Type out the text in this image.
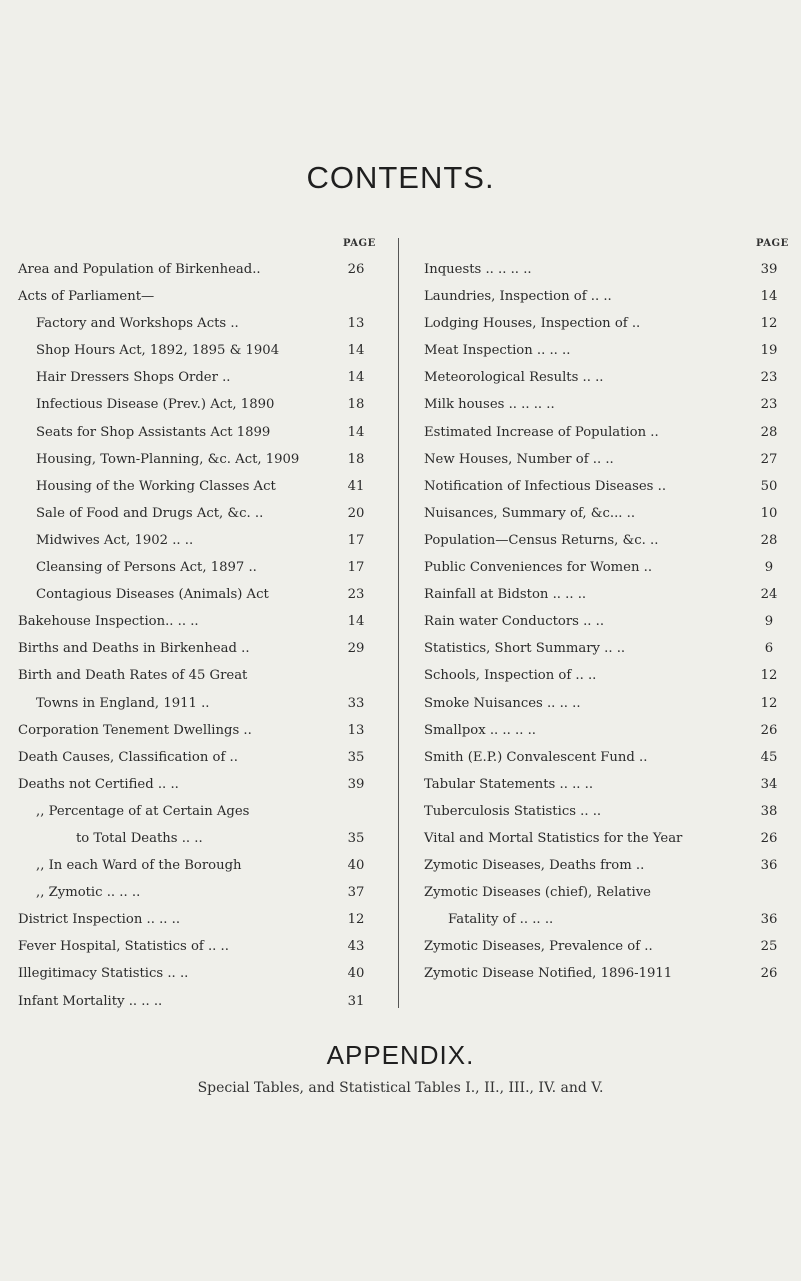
CONTENTS.
PAGE
Area and Population of Birkenhead..	26
Acts of Parliament—
Factory and Workshops Acts ..	13
Shop Hours Act, 1892, 1895 & 1904	14
Hair Dressers Shops Order ..	14
Infectious Disease (Prev.) Act, 1890	18
Seats for Shop Assistants Act 1899	14
Housing, Town-Planning, &c. Act, 1909	18
Housing of the Working Classes Act	41
Sale of Food and Drugs Act, &c. ..	20
Midwives Act, 1902 .. ..	17
Cleansing of Persons Act, 1897 ..	17
Contagious Diseases (Animals) Act	23
Bakehouse Inspection.. .. ..	14
Births and Deaths in Birkenhead ..	29
Birth and Death Rates of 45 Great
Towns in England, 1911 ..	33
Corporation Tenement Dwellings ..	13
Death Causes, Classification of ..	35
Deaths not Certified .. ..	39
,, Percentage of at Certain Ages
to Total Deaths .. ..	35
,, In each Ward of the Borough	40
,, Zymotic .. .. ..	37
District Inspection .. .. ..	12
Fever Hospital, Statistics of .. ..	43
Illegitimacy Statistics .. ..	40
Infant Mortality .. .. ..	31
PAGE
Inquests .. .. .. ..	39
Laundries, Inspection of .. ..	14
Lodging Houses, Inspection of ..	12
Meat Inspection .. .. ..	19
Meteorological Results .. ..	23
Milk houses .. .. .. ..	23
Estimated Increase of Population ..	28
New Houses, Number of .. ..	27
Notification of Infectious Diseases ..	50
Nuisances, Summary of, &c... ..	10
Population—Census Returns, &c. ..	28
Public Conveniences for Women ..	9
Rainfall at Bidston .. .. ..	24
Rain water Conductors .. ..	9
Statistics, Short Summary .. ..	6
Schools, Inspection of .. ..	12
Smoke Nuisances .. .. ..	12
Smallpox .. .. .. ..	26
Smith (E.P.) Convalescent Fund ..	45
Tabular Statements .. .. ..	34
Tuberculosis Statistics .. ..	38
Vital and Mortal Statistics for the Year	26
Zymotic Diseases, Deaths from ..	36
Zymotic Diseases (chief), Relative
Fatality of .. .. ..	36
Zymotic Diseases, Prevalence of ..	25
Zymotic Disease Notified, 1896-1911	26
APPENDIX.
Special Tables, and Statistical Tables I., II., III., IV. and V.
